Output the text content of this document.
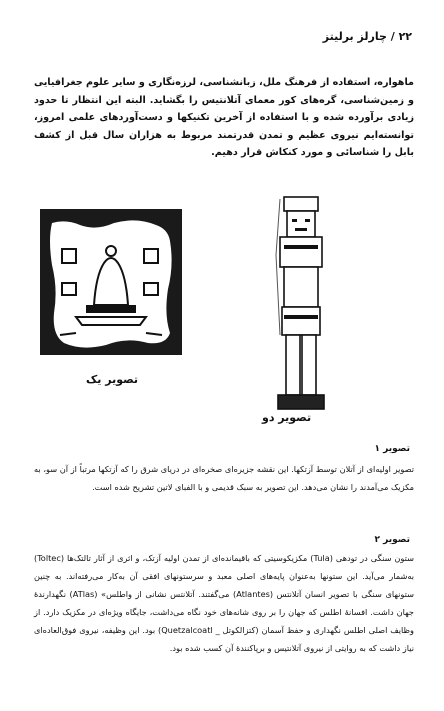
۲۲ / چارلز برلیتز
ماهواره، استفاده از فرهنگ ملل، زبانشناسی، لرزه‌نگاری و سایر علوم جغرافیایی و زمین‌شناسی، گره‌های کور معمای آتلانتیس را بگشاید. البته این انتظار تا حدود زیادی برآورده شده و با استفاده از آخرین تکنیکها و دست‌آوردهای علمی امروز، توانسته‌ایم نیروی عظیم و تمدن قدرتمند مربوط به هزاران سال قبل از کشف بابل را شناسائی و مورد کنکاش قرار دهیم.
تصویر یک
تصویر دو
تصویر ۱
تصویر اولیه‌ای از آتلان توسط آزتکها. این نقشه جزیره‌ای صخره‌ای در دریای شرق را که آزتکها مرتباً از آن سو، به مکزیک می‌آمدند را نشان می‌دهد. این تصویر به سبک قدیمی و با الفبای لاتین تشریح شده است.
تصویر ۲
ستون سنگی در تودهی (Tula) مکزیکوسیتی که باقیمانده‌ای از تمدن اولیه آزتک، و اثری از آثار تالتک‌ها (Toltec) به‌شمار می‌آید. این ستونها به‌عنوان پایه‌های اصلی معبد و سرستونهای افقی آن به‌کار می‌رفته‌اند. به چنین ستونهای سنگی با تصویر انسان آتلانتس (Atlantes) می‌گفتند. آتلانتس نشانی از واطلس» (ATlas) نگهدارندهٔ جهان داشت. افسانهٔ اطلس که جهان را بر روی شانه‌های خود نگاه می‌داشت، جایگاه ویژه‌ای در مکزیک دارد. از وظایف اصلی اطلس نگهداری و حفظ آسمان (کتزالکوتل _ Quetzalcoatl) بود. این وظیفه، نیروی فوق‌العاده‌ای نیاز داشت که به روایتی از نیروی آتلانتیس و برپاکنندهٔ آن کسب شده بود.
